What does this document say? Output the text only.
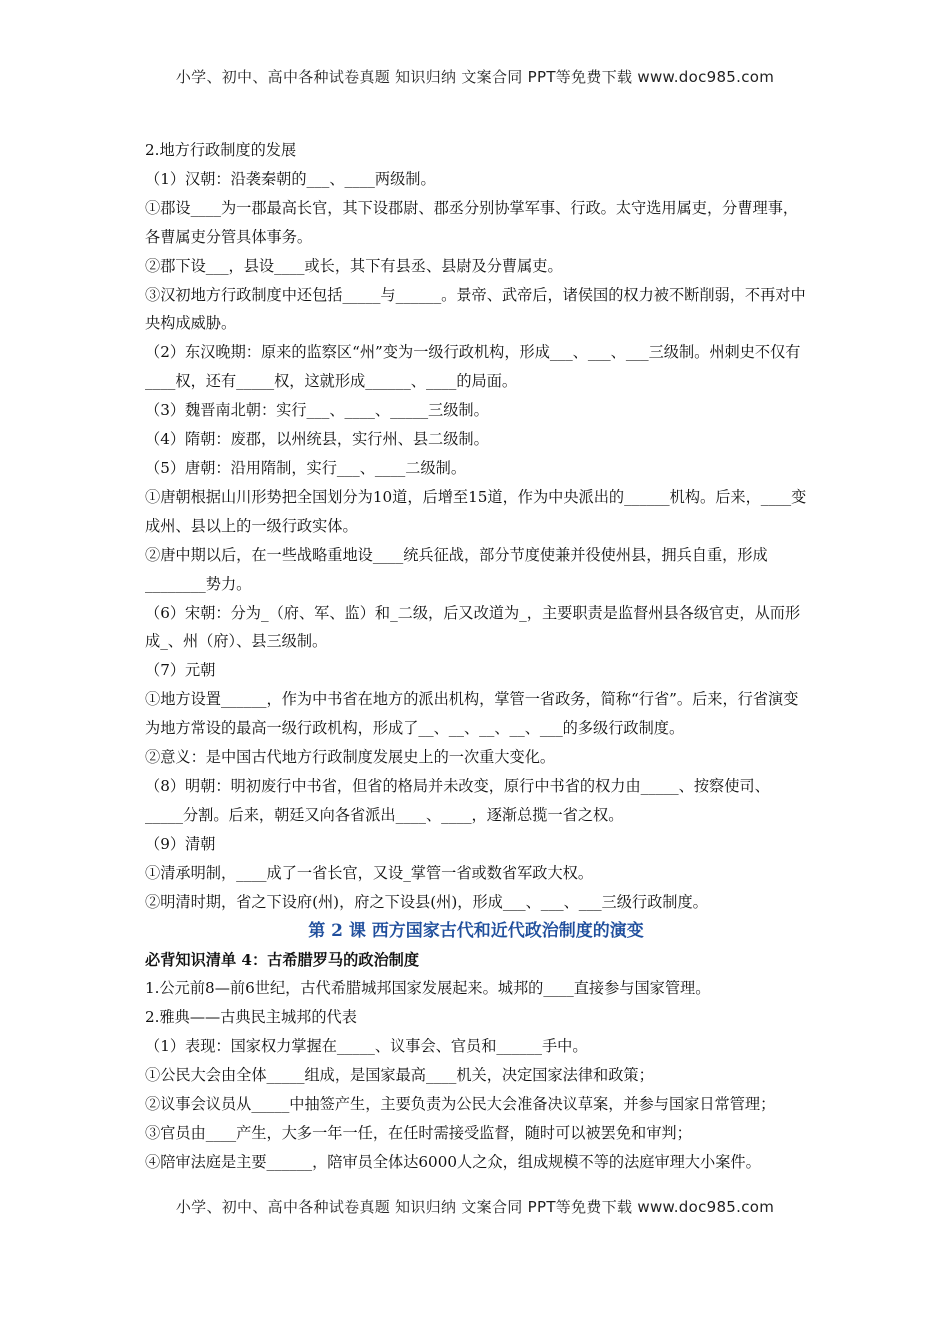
小学、初中、高中各种试卷真题 知识归纳 文案合同 PPT等免费下载 www.doc985.com

2.地方行政制度的发展

（1）汉朝：沿袭秦朝的___、____两级制。

①郡设____为一郡最高长官，其下设郡尉、郡丞分别协掌军事、行政。太守选用属吏，分曹理事，各曹属吏分管具体事务。

②郡下设___，县设____或长，其下有县丞、县尉及分曹属吏。

③汉初地方行政制度中还包括_____与______。景帝、武帝后，诸侯国的权力被不断削弱，不再对中央构成威胁。

（2）东汉晚期：原来的监察区“州”变为一级行政机构，形成___、___、___三级制。州刺史不仅有____权，还有_____权，这就形成______、____的局面。

（3）魏晋南北朝：实行___、____、_____三级制。

（4）隋朝：废郡，以州统县，实行州、县二级制。

（5）唐朝：沿用隋制，实行___、____二级制。

①唐朝根据山川形势把全国划分为10道，后增至15道，作为中央派出的______机构。后来，____变成州、县以上的一级行政实体。

②唐中期以后，在一些战略重地设____统兵征战，部分节度使兼并役使州县，拥兵自重，形成________势力。

（6）宋朝：分为_（府、军、监）和_二级，后又改道为_，主要职责是监督州县各级官吏，从而形成_、州（府）、县三级制。

（7）元朝

①地方设置______，作为中书省在地方的派出机构，掌管一省政务，简称“行省”。后来，行省演变为地方常设的最高一级行政机构，形成了__、__、__、__、___的多级行政制度。

②意义：是中国古代地方行政制度发展史上的一次重大变化。

（8）明朝：明初废行中书省，但省的格局并未改变，原行中书省的权力由_____、按察使司、_____分割。后来，朝廷又向各省派出____、____，逐渐总揽一省之权。

（9）清朝

①清承明制，____成了一省长官，又设_掌管一省或数省军政大权。

②明清时期，省之下设府(州)，府之下设县(州)，形成___、___、___三级行政制度。

第 2 课 西方国家古代和近代政治制度的演变

必背知识清单 4：古希腊罗马的政治制度

1.公元前8—前6世纪，古代希腊城邦国家发展起来。城邦的____直接参与国家管理。

2.雅典——古典民主城邦的代表

（1）表现：国家权力掌握在_____、议事会、官员和______手中。

①公民大会由全体_____组成，是国家最高____机关，决定国家法律和政策；

②议事会议员从_____中抽签产生，主要负责为公民大会准备决议草案，并参与国家日常管理；

③官员由____产生，大多一年一任，在任时需接受监督，随时可以被罢免和审判；

④陪审法庭是主要______，陪审员全体达6000人之众，组成规模不等的法庭审理大小案件。

小学、初中、高中各种试卷真题 知识归纳 文案合同 PPT等免费下载 www.doc985.com
